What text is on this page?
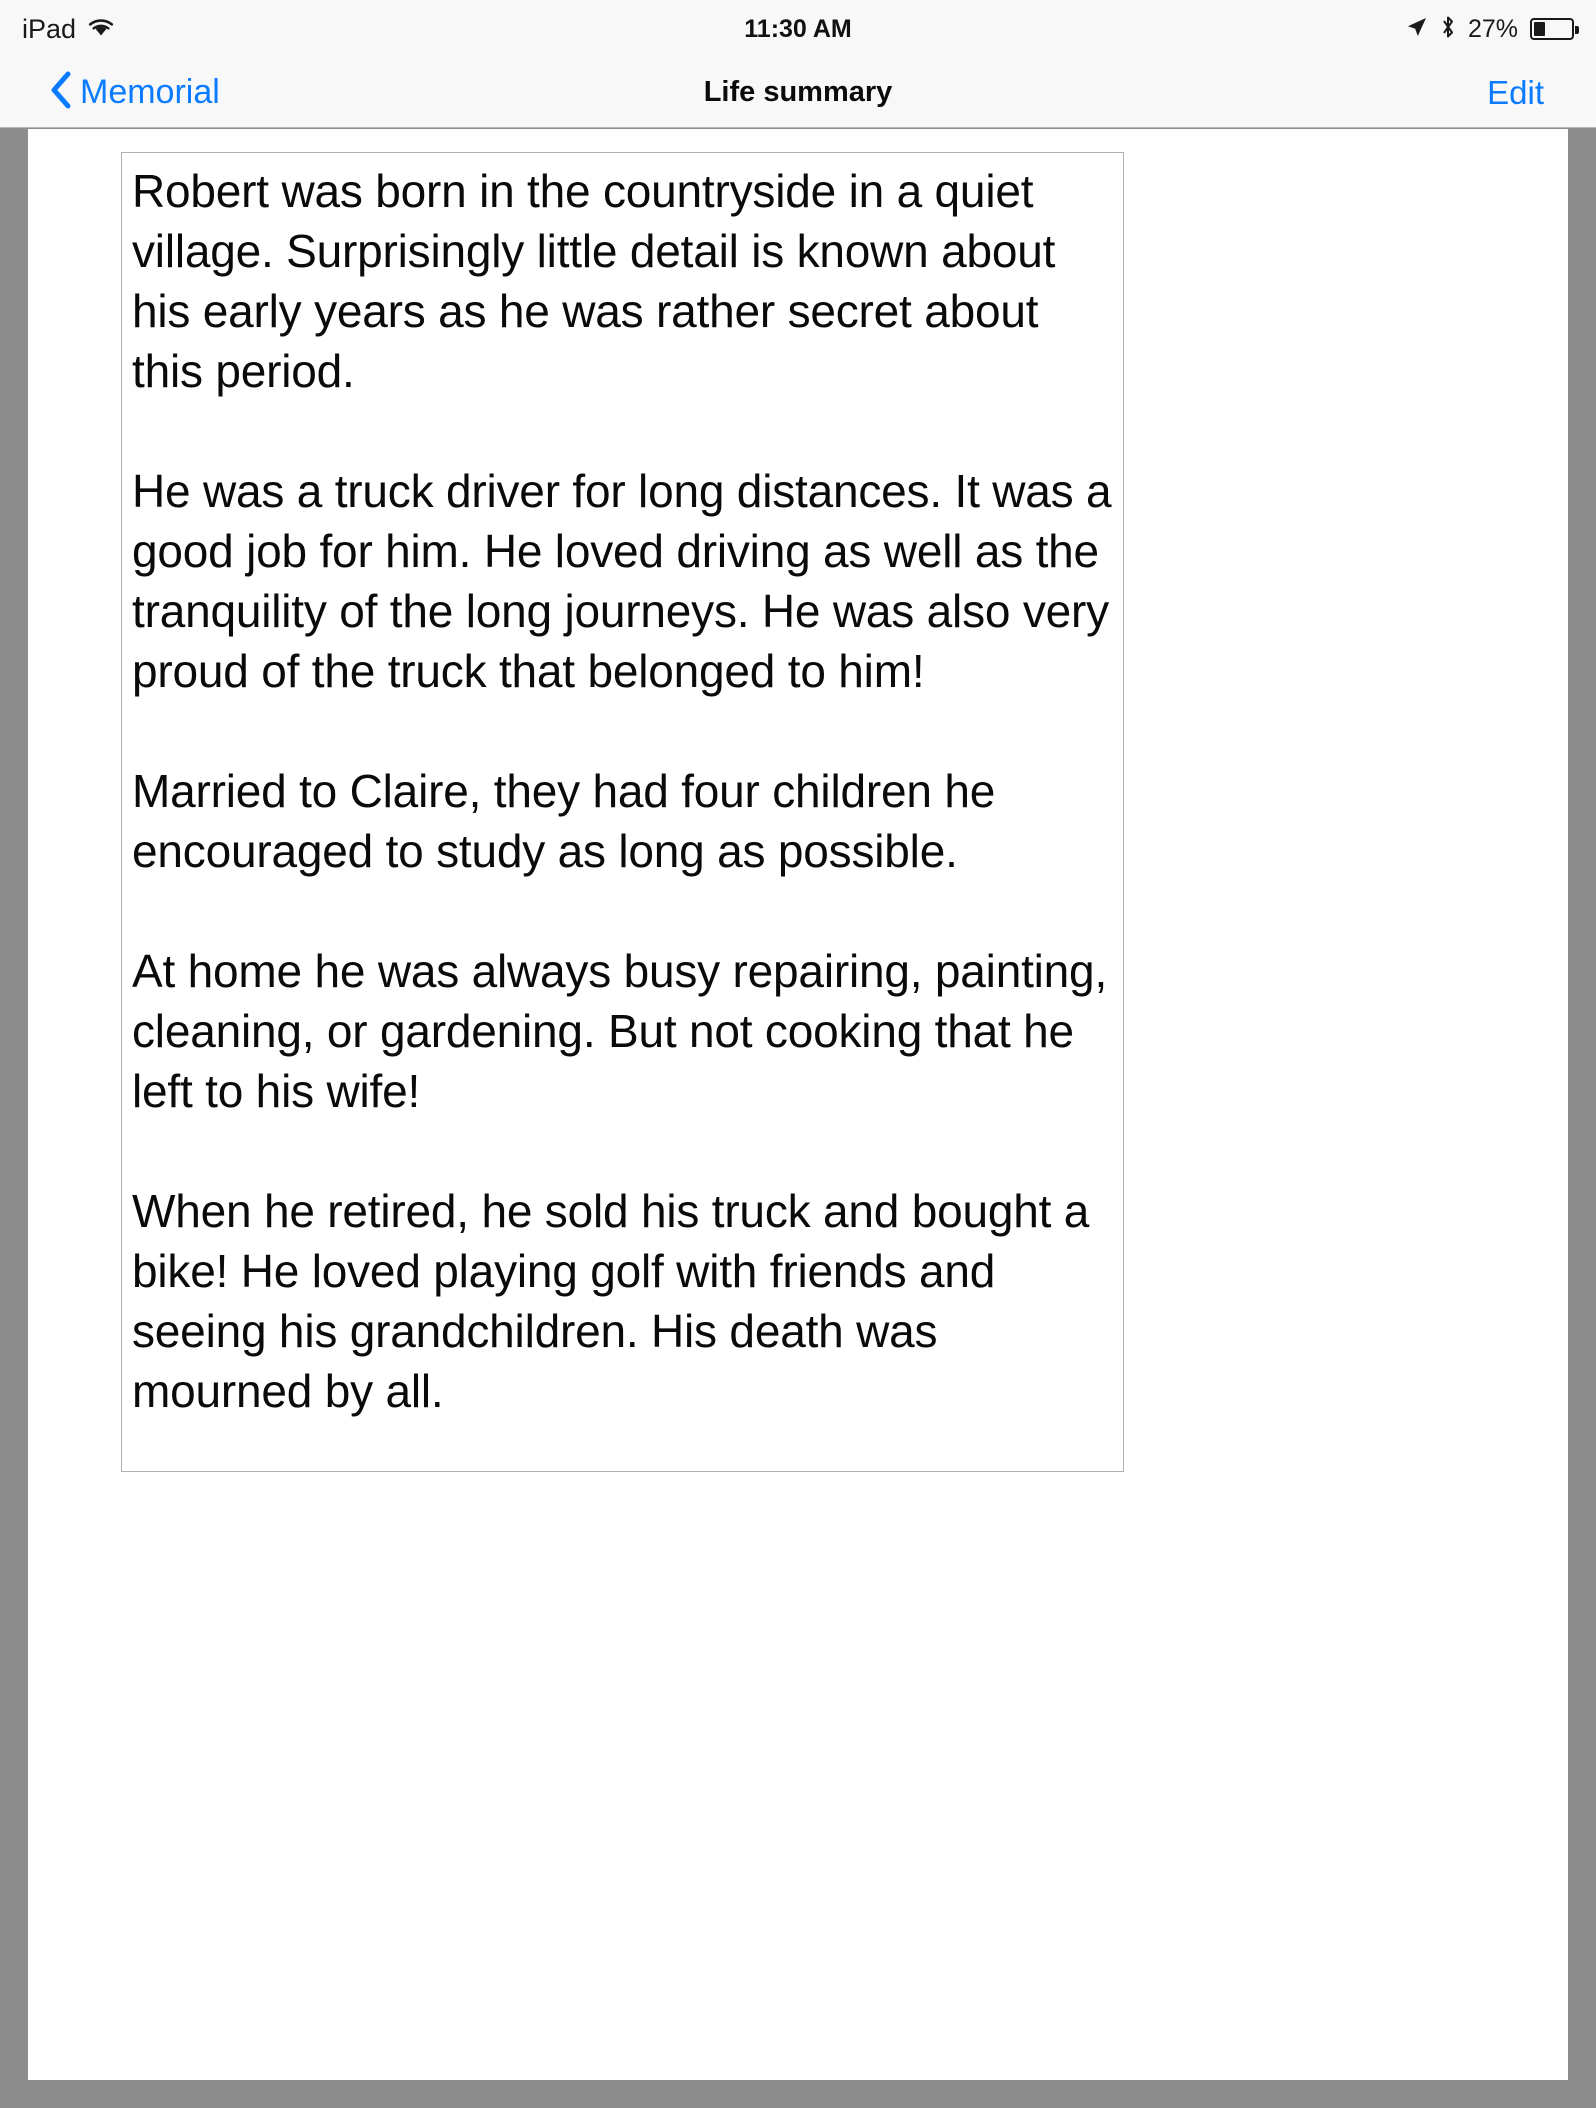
iPad	11:30 AM	27%
Memorial	Life summary	Edit

Robert was born in the countryside in a quiet village. Surprisingly little detail is known about his early years as he was rather secret about this period.

He was a truck driver for long distances. It was a good job for him. He loved driving as well as the tranquility of the long journeys. He was also very proud of the truck that belonged to him!

Married to Claire, they had four children he encouraged to study as long as possible.

At home he was always busy repairing, painting, cleaning, or gardening. But not cooking that he left to his wife!

When he retired, he sold his truck and bought a bike! He loved playing golf with friends and seeing his grandchildren. His death was mourned by all.
